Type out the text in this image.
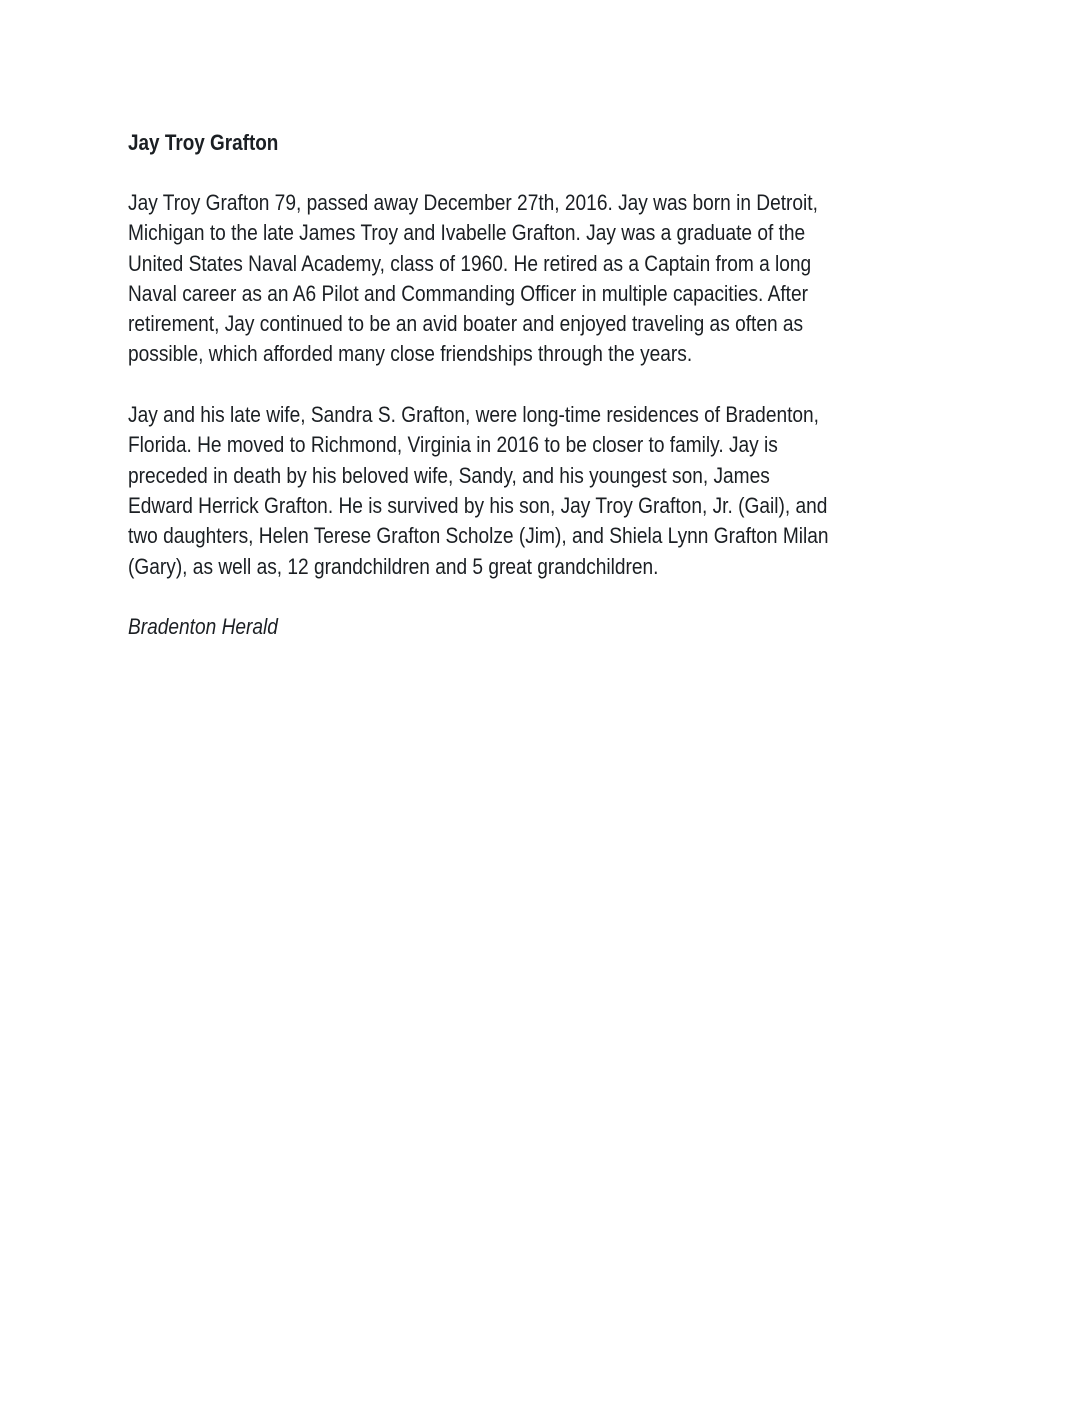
Jay Troy Grafton
Jay Troy Grafton 79, passed away December 27th, 2016. Jay was born in Detroit,
Michigan to the late James Troy and Ivabelle Grafton. Jay was a graduate of the
United States Naval Academy, class of 1960. He retired as a Captain from a long
Naval career as an A6 Pilot and Commanding Officer in multiple capacities. After
retirement, Jay continued to be an avid boater and enjoyed traveling as often as
possible, which afforded many close friendships through the years.
Jay and his late wife, Sandra S. Grafton, were long-time residences of Bradenton,
Florida. He moved to Richmond, Virginia in 2016 to be closer to family. Jay is
preceded in death by his beloved wife, Sandy, and his youngest son, James
Edward Herrick Grafton. He is survived by his son, Jay Troy Grafton, Jr. (Gail), and
two daughters, Helen Terese Grafton Scholze (Jim), and Shiela Lynn Grafton Milan
(Gary), as well as, 12 grandchildren and 5 great grandchildren.
Bradenton Herald
